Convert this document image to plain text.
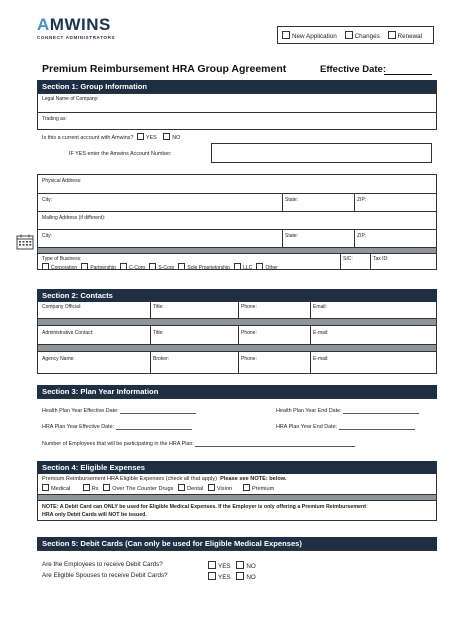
AMWINS
CONNECT ADMINISTRATORS	New Application	Changes	Renewal
Premium Reimbursement HRA Group Agreement	Effective Date:
Section 1: Group Information
Legal Name of Company:
Trading as:
Is this a current account with Amwins? YES	NO
IF YES enter the Amwins Account Number:
Physical Address:
City:	State:	ZIP:
Mailing Address (if different):
City:	State:	ZIP:
Type of Business:
Corporation	Partnership	C-Corp	S-Corp	Sole Proprietorship	LLC	Other
SIC:	Tax ID:
Section 2: Contacts
Company Official:	Title:	Phone:	Email:
Administrative Contact:	Title:	Phone:	E-mail:
Agency Name:	Broker:	Phone:	E-mail:
Section 3: Plan Year Information
Health Plan Year Effective Date:	Health Plan Year End Date:
HRA Plan Year Effective Date:	HRA Plan Year End Date:
Number of Employees that will be participating in the HRA Plan:
Section 4: Eligible Expenses
Premium Reimbursement HRA Eligible Expenses (check all that apply) Please see NOTE: below.
Medical	Rx Over The Counter Drugs Dental Vision	Premium
NOTE: A Debit Card can ONLY be used for Eligible Medical Expenses. If the Employer is only offering a Premium Reimbursement
HRA only Debit Cards will NOT be issued.
Section 5: Debit Cards (Can only be used for Eligible Medical Expenses)
Are the Employees to receive Debit Cards?	YES	NO
Are Eligible Spouses to receive Debit Cards?	YES	NO
